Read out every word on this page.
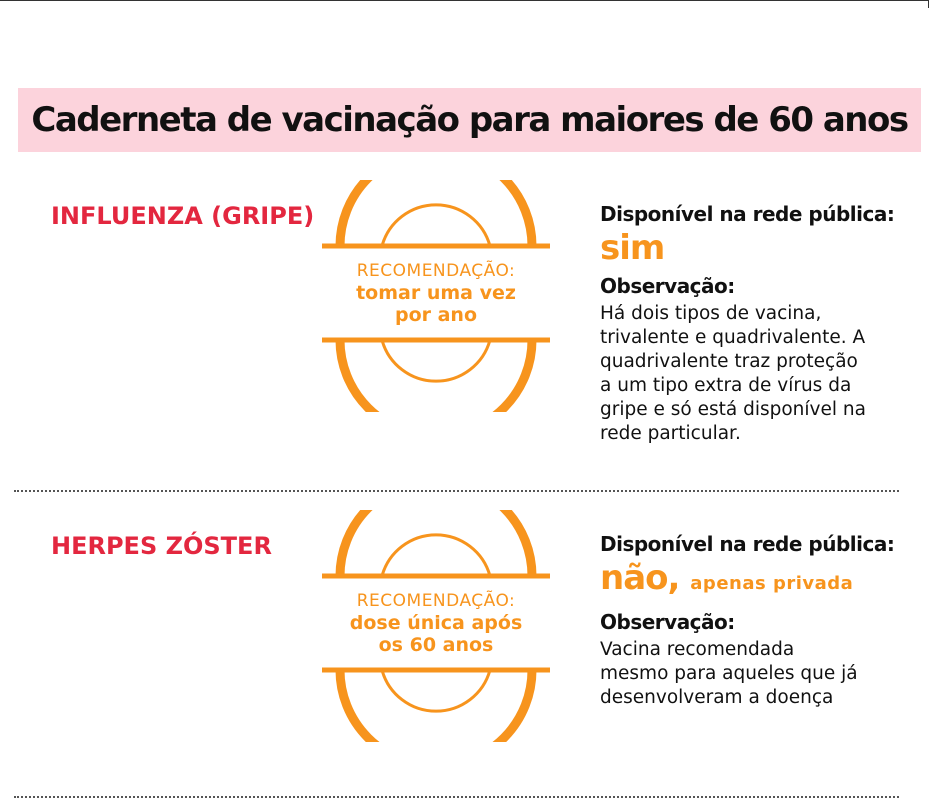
Caderneta de vacinação para maiores de 60 anos
INFLUENZA (GRIPE)
RECOMENDAÇÃO:
tomar uma vez
por ano

Disponível na rede pública:

sim

Observação:

Há dois tipos de vacina,
trivalente e quadrivalente. A
quadrivalente traz proteção
a um tipo extra de vírus da
gripe e só está disponível na
rede particular.
HERPES ZÓSTER
RECOMENDAÇÃO:
dose única após
os 60 anos

Disponível na rede pública:

não, apenas privada

Observação:

Vacina recomendada
mesmo para aqueles que já
desenvolveram a doença
